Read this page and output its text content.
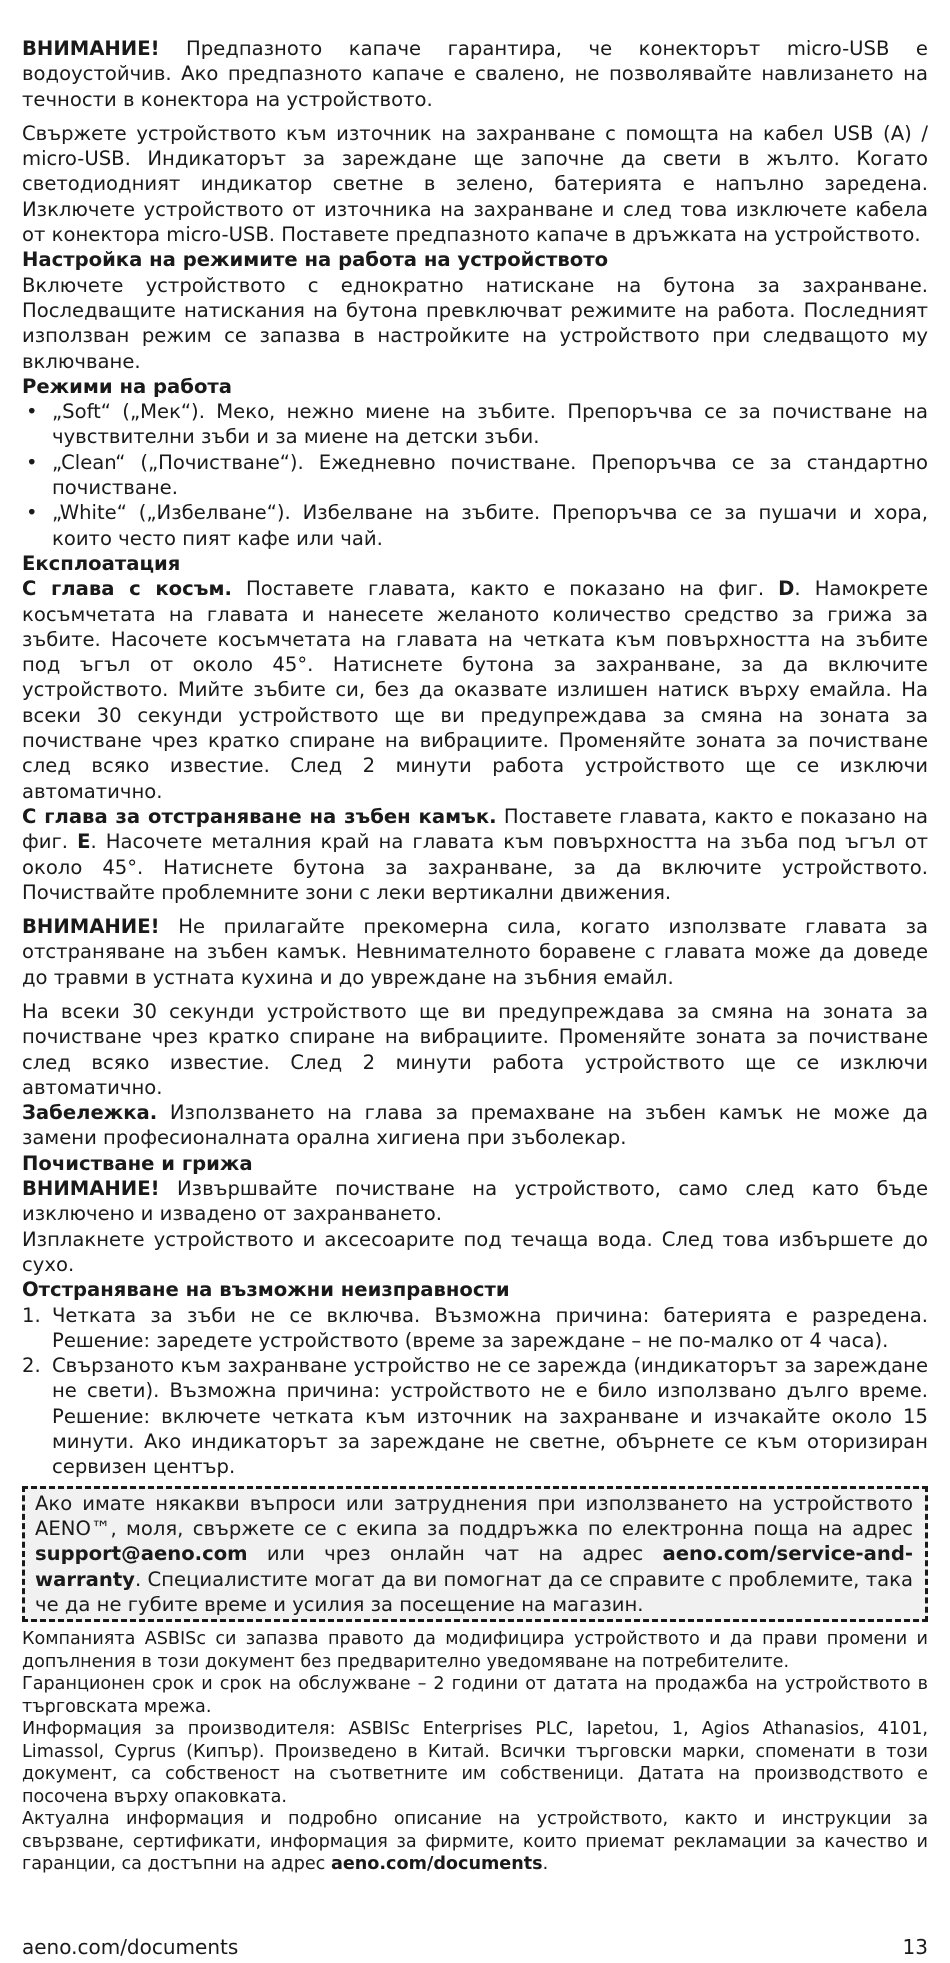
ВНИМАНИЕ! Предпазното капаче гарантира, че конекторът micro-USB е водоустойчив. Ако предпазното капаче е свалено, не позволявайте навлизането на течности в конектора на устройството.

Свържете устройството към източник на захранване с помощта на кабел USB (A) / micro-USB. Индикаторът за зареждане ще започне да свети в жълто. Когато светодиодният индикатор светне в зелено, батерията е напълно заредена. Изключете устройството от източника на захранване и след това изключете кабела от конектора micro-USB. Поставете предпазното капаче в дръжката на устройството.

Настройка на режимите на работа на устройството

Включете устройството с еднократно натискане на бутона за захранване. Последващите натискания на бутона превключват режимите на работа. Последният използван режим се запазва в настройките на устройството при следващото му включване.

Режими на работа

• „Soft“ („Мек“). Меко, нежно миене на зъбите. Препоръчва се за почистване на чувствителни зъби и за миене на детски зъби.
• „Clean“ („Почистване“). Ежедневно почистване. Препоръчва се за стандартно почистване.
• „White“ („Избелване“). Избелване на зъбите. Препоръчва се за пушачи и хора, които често пият кафе или чай.

Експлоатация

С глава с косъм. Поставете главата, както е показано на фиг. D. Намокрете косъмчетата на главата и нанесете желаното количество средство за грижа за зъбите. Насочете косъмчетата на главата на четката към повърхността на зъбите под ъгъл от около 45°. Натиснете бутона за захранване, за да включите устройството. Мийте зъбите си, без да оказвате излишен натиск върху емайла. На всеки 30 секунди устройството ще ви предупреждава за смяна на зоната за почистване чрез кратко спиране на вибрациите. Променяйте зоната за почистване след всяко известие. След 2 минути работа устройството ще се изключи автоматично.

С глава за отстраняване на зъбен камък. Поставете главата, както е показано на фиг. E. Насочете металния край на главата към повърхността на зъба под ъгъл от около 45°. Натиснете бутона за захранване, за да включите устройството. Почиствайте проблемните зони с леки вертикални движения.

ВНИМАНИЕ! Не прилагайте прекомерна сила, когато използвате главата за отстраняване на зъбен камък. Невнимателното боравене с главата може да доведе до травми в устната кухина и до увреждане на зъбния емайл.

На всеки 30 секунди устройството ще ви предупреждава за смяна на зоната за почистване чрез кратко спиране на вибрациите. Променяйте зоната за почистване след всяко известие. След 2 минути работа устройството ще се изключи автоматично.

Забележка. Използването на глава за премахване на зъбен камък не може да замени професионалната орална хигиена при зъболекар.

Почистване и грижа

ВНИМАНИЕ! Извършвайте почистване на устройството, само след като бъде изключено и извадено от захранването.

Изплакнете устройството и аксесоарите под течаща вода. След това избършете до сухо.

Отстраняване на възможни неизправности

1. Четката за зъби не се включва. Възможна причина: батерията е разредена. Решение: заредете устройството (време за зареждане – не по-малко от 4 часа).
2. Свързаното към захранване устройство не се зарежда (индикаторът за зареждане не свети). Възможна причина: устройството не е било използвано дълго време. Решение: включете четката към източник на захранване и изчакайте около 15 минути. Ако индикаторът за зареждане не светне, обърнете се към оторизиран сервизен център.

Ако имате някакви въпроси или затруднения при използването на устройството AENO™, моля, свържете се с екипа за поддръжка по електронна поща на адрес support@aeno.com или чрез онлайн чат на адрес aeno.com/service-and-warranty. Специалистите могат да ви помогнат да се справите с проблемите, така че да не губите време и усилия за посещение на магазин.

Компанията ASBISc си запазва правото да модифицира устройството и да прави промени и допълнения в този документ без предварително уведомяване на потребителите.

Гаранционен срок и срок на обслужване – 2 години от датата на продажба на устройството в търговската мрежа.

Информация за производителя: ASBISc Enterprises PLC, Iapetou, 1, Agios Athanasios, 4101, Limassol, Cyprus (Кипър). Произведено в Китай. Всички търговски марки, споменати в този документ, са собственост на съответните им собственици. Датата на производството е посочена върху опаковката.

Актуална информация и подробно описание на устройството, както и инструкции за свързване, сертификати, информация за фирмите, които приемат рекламации за качество и гаранции, са достъпни на адрес aeno.com/documents.

aeno.com/documents	13
